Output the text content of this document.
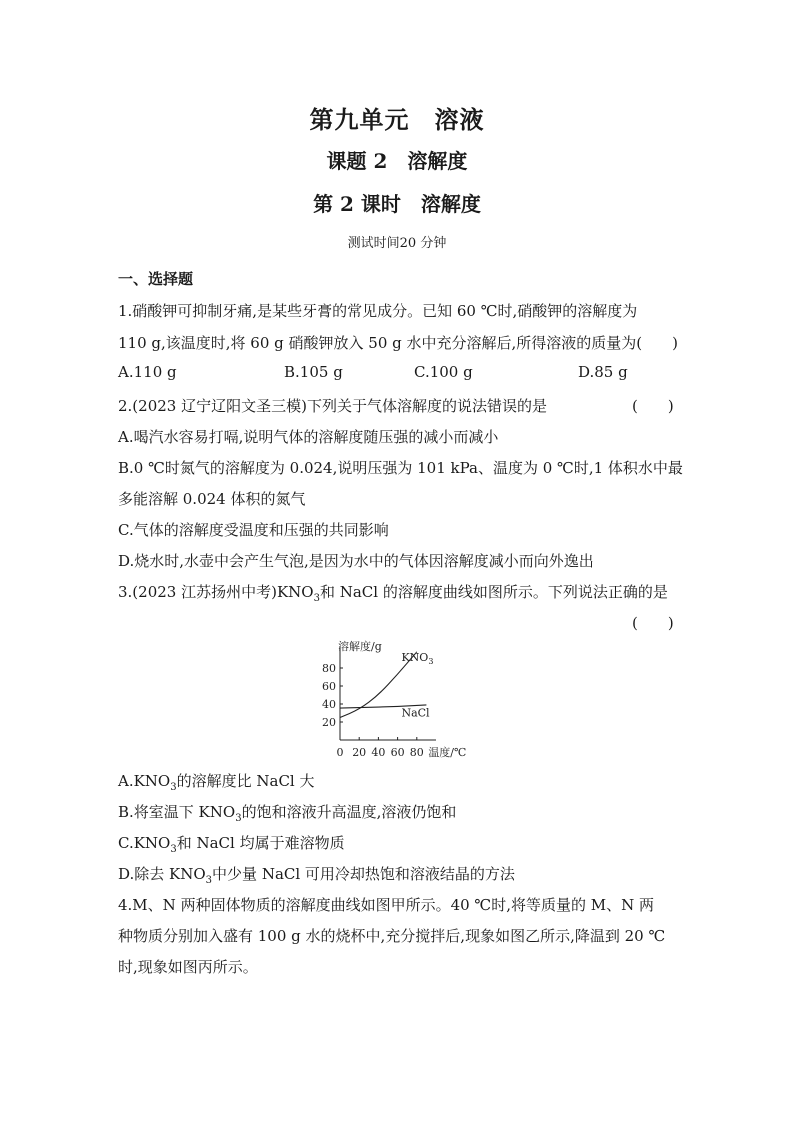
第九单元　溶液
课题 2　溶解度
第 2 课时　溶解度
测试时间20 分钟
一、选择题
1.硝酸钾可抑制牙痛,是某些牙膏的常见成分。已知 60 ℃时,硝酸钾的溶解度为
110 g,该温度时,将 60 g 硝酸钾放入 50 g 水中充分溶解后,所得溶液的质量为(　　)
A.110 g	B.105 g	C.100 g	D.85 g
2.(2023 辽宁辽阳文圣三模)下列关于气体溶解度的说法错误的是	(　　)
A.喝汽水容易打嗝,说明气体的溶解度随压强的减小而减小
B.0 ℃时氮气的溶解度为 0.024,说明压强为 101 kPa、温度为 0 ℃时,1 体积水中最
多能溶解 0.024 体积的氮气
C.气体的溶解度受温度和压强的共同影响
D.烧水时,水壶中会产生气泡,是因为水中的气体因溶解度减小而向外逸出
3.(2023 江苏扬州中考)$KNO_3$和 NaCl 的溶解度曲线如图所示。下列说法正确的是
(　　)
溶解度/g
温度/℃
0 20 40 60 80
20
40
60
80
$KNO_3$
NaCl
$A.KNO_3$的溶解度比 NaCl 大
B.将室温下 $KNO_3$的饱和溶液升高温度,溶液仍饱和
$C.KNO_3$和 NaCl 均属于难溶物质
D.除去 $KNO_3$中少量 NaCl 可用冷却热饱和溶液结晶的方法
4.M、N 两种固体物质的溶解度曲线如图甲所示。40 ℃时,将等质量的 M、N 两
种物质分别加入盛有 100 g 水的烧杯中,充分搅拌后,现象如图乙所示,降温到 20 ℃
时,现象如图丙所示。
